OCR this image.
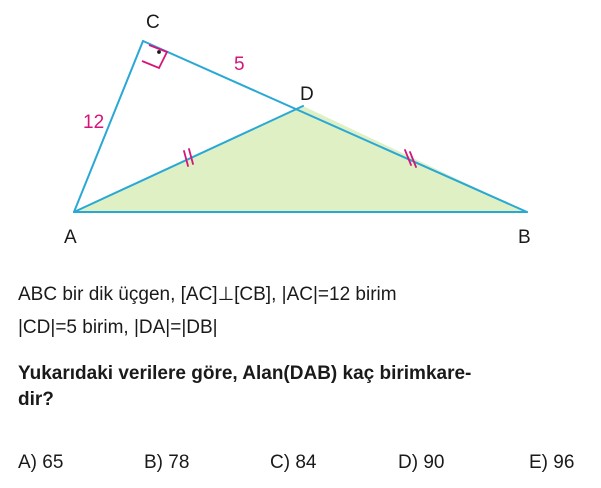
C
D
A	B
12
5

ABC bir dik üçgen, [AC]⊥[CB], |AC|=12 birim

|CD|=5 birim, |DA|=|DB|

Yukarıdaki verilere göre, Alan(DAB) kaç birimkare-
dir?
A) 65	B) 78	C) 84	D) 90	E) 96
